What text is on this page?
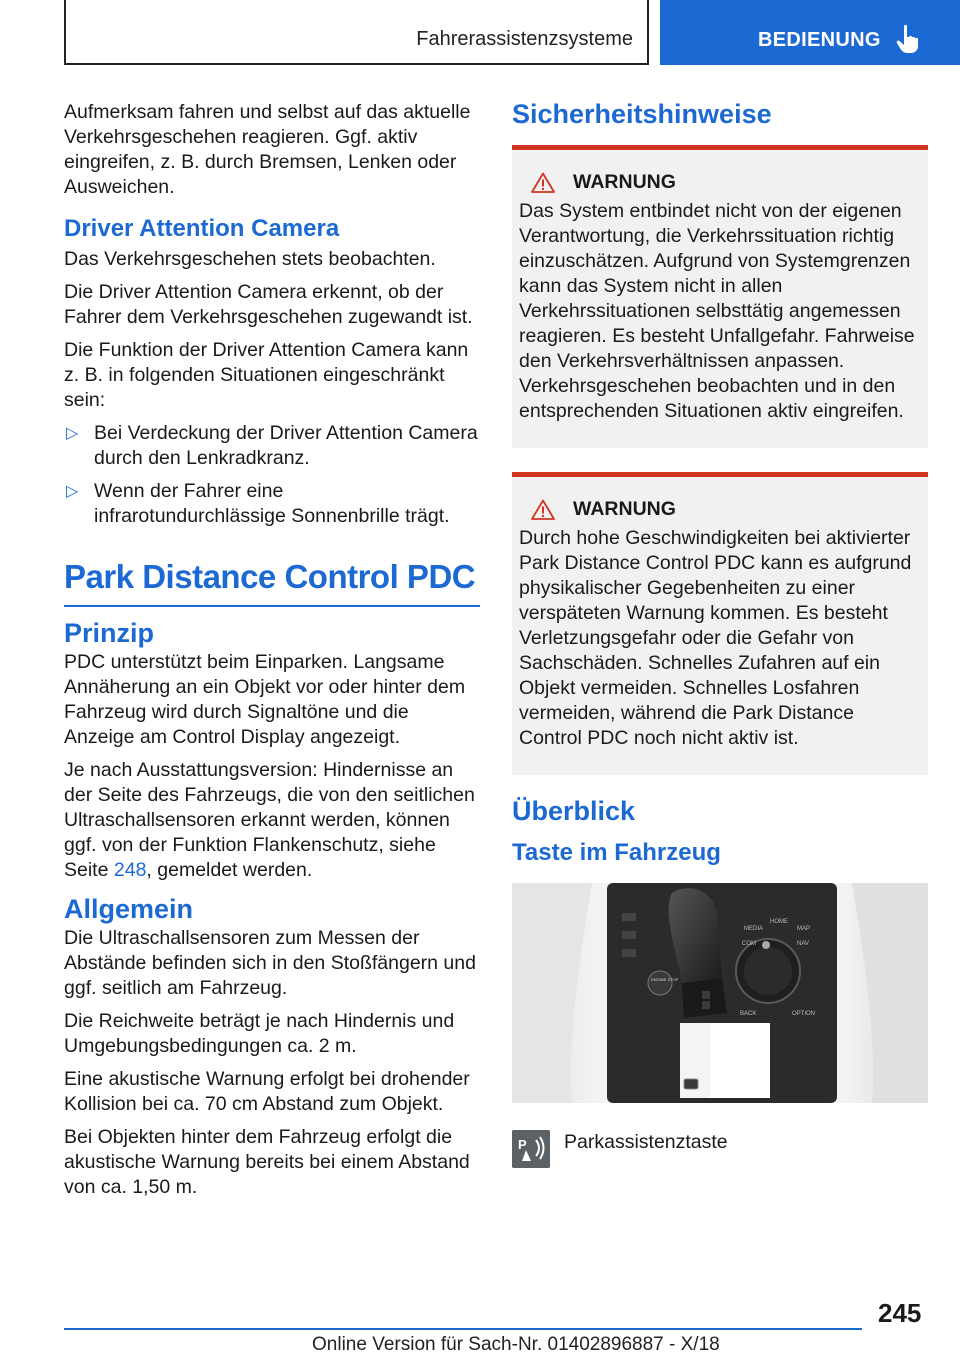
Fahrerassistenzsysteme	BEDIENUNG

Aufmerksam fahren und selbst auf das aktuelle Verkehrsgeschehen reagieren. Ggf. aktiv eingreifen, z. B. durch Bremsen, Lenken oder Ausweichen.

Driver Attention Camera

Das Verkehrsgeschehen stets beobachten.

Die Driver Attention Camera erkennt, ob der Fahrer dem Verkehrsgeschehen zugewandt ist.

Die Funktion der Driver Attention Camera kann z. B. in folgenden Situationen eingeschränkt sein:

▷ Bei Verdeckung der Driver Attention Camera durch den Lenkradkranz.
▷ Wenn der Fahrer eine infrarotundurchlässige Sonnenbrille trägt.
Park Distance Control PDC
Prinzip

PDC unterstützt beim Einparken. Langsame Annäherung an ein Objekt vor oder hinter dem Fahrzeug wird durch Signaltöne und die Anzeige am Control Display angezeigt.

Je nach Ausstattungsversion: Hindernisse an der Seite des Fahrzeugs, die von den seitlichen Ultraschallsensoren erkannt werden, können ggf. von der Funktion Flankenschutz, siehe Seite 248, gemeldet werden.

Allgemein

Die Ultraschallsensoren zum Messen der Abstände befinden sich in den Stoßfängern und ggf. seitlich am Fahrzeug.

Die Reichweite beträgt je nach Hindernis und Umgebungsbedingungen ca. 2 m.

Eine akustische Warnung erfolgt bei drohender Kollision bei ca. 70 cm Abstand zum Objekt.

Bei Objekten hinter dem Fahrzeug erfolgt die akustische Warnung bereits bei einem Abstand von ca. 1,50 m.

Sicherheitshinweise
WARNUNG

Das System entbindet nicht von der eigenen Verantwortung, die Verkehrssituation richtig einzuschätzen. Aufgrund von Systemgrenzen kann das System nicht in allen Verkehrssituationen selbsttätig angemessen reagieren. Es besteht Unfallgefahr. Fahrweise den Verkehrsverhältnissen anpassen. Verkehrsgeschehen beobachten und in den entsprechenden Situationen aktiv eingreifen.

WARNUNG

Durch hohe Geschwindigkeiten bei aktivierter Park Distance Control PDC kann es aufgrund physikalischer Gegebenheiten zu einer verspäteten Warnung kommen. Es besteht Verletzungsgefahr oder die Gefahr von Sachschäden. Schnelles Zufahren auf ein Objekt vermeiden. Schnelles Losfahren vermeiden, während die Park Distance Control PDC noch nicht aktiv ist.

Überblick
Taste im Fahrzeug
MEDIA
HOME
MAP
COM	NAV
BACK	OPTION
ENGINE STOP
P Parkassistenztaste
245
Online Version für Sach-Nr. 01402896887 - X/18
